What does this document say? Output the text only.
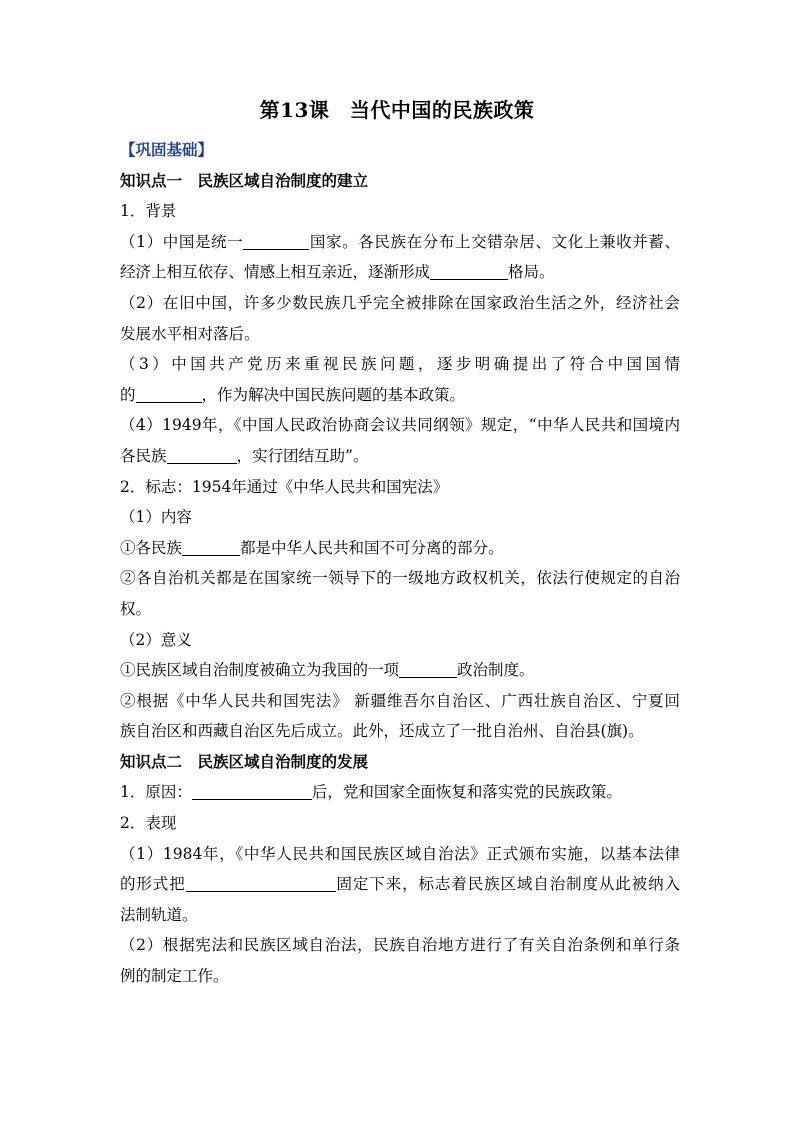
第13课　当代中国的民族政策
【巩固基础】
知识点一　民族区域自治制度的建立
1．背景
（1）中国是统一	国家。各民族在分布上交错杂居、文化上兼收并蓄、
经济上相互依存、情感上相互亲近，逐渐形成	格局。
（2）在旧中国，许多少数民族几乎完全被排除在国家政治生活之外，经济社会
发展水平相对落后。
（3）中国共产党历来重视民族问题，逐步明确提出了符合中国国情
的	，作为解决中国民族问题的基本政策。
（4）1949年，《中国人民政治协商会议共同纲领》规定，“中华人民共和国境内
各民族	，实行团结互助”。
2．标志：1954年通过《中华人民共和国宪法》
（1）内容
①各民族	都是中华人民共和国不可分离的部分。
②各自治机关都是在国家统一领导下的一级地方政权机关，依法行使规定的自治
权。
（2）意义
①民族区域自治制度被确立为我国的一项	政治制度。
②根据《中华人民共和国宪法》 新疆维吾尔自治区、广西壮族自治区、宁夏回
族自治区和西藏自治区先后成立。此外，还成立了一批自治州、自治县(旗)。
知识点二　民族区域自治制度的发展
1．原因：	后，党和国家全面恢复和落实党的民族政策。
2．表现
（1）1984年，《中华人民共和国民族区域自治法》正式颁布实施，以基本法律
的形式把	固定下来，标志着民族区域自治制度从此被纳入
法制轨道。
（2）根据宪法和民族区域自治法，民族自治地方进行了有关自治条例和单行条
例的制定工作。
